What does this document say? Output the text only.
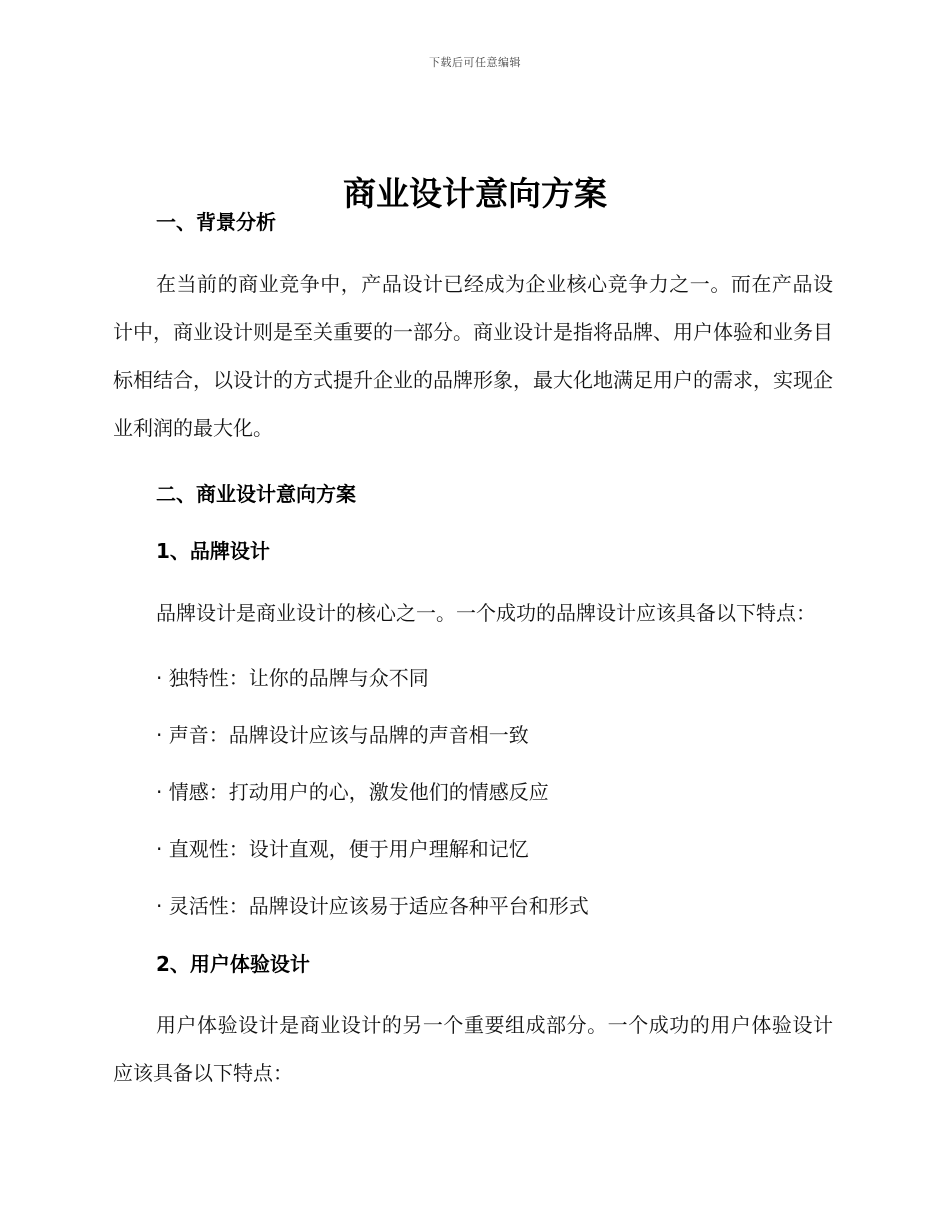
下载后可任意编辑
商业设计意向方案

一、背景分析

在当前的商业竞争中，产品设计已经成为企业核心竞争力之一。而在产品设计中，商业设计则是至关重要的一部分。商业设计是指将品牌、用户体验和业务目标相结合，以设计的方式提升企业的品牌形象，最大化地满足用户的需求，实现企业利润的最大化。

二、商业设计意向方案

1、品牌设计

品牌设计是商业设计的核心之一。一个成功的品牌设计应该具备以下特点：

· 独特性：让你的品牌与众不同

· 声音：品牌设计应该与品牌的声音相一致

· 情感：打动用户的心，激发他们的情感反应

· 直观性：设计直观，便于用户理解和记忆

· 灵活性：品牌设计应该易于适应各种平台和形式

2、用户体验设计

用户体验设计是商业设计的另一个重要组成部分。一个成功的用户体验设计应该具备以下特点：
